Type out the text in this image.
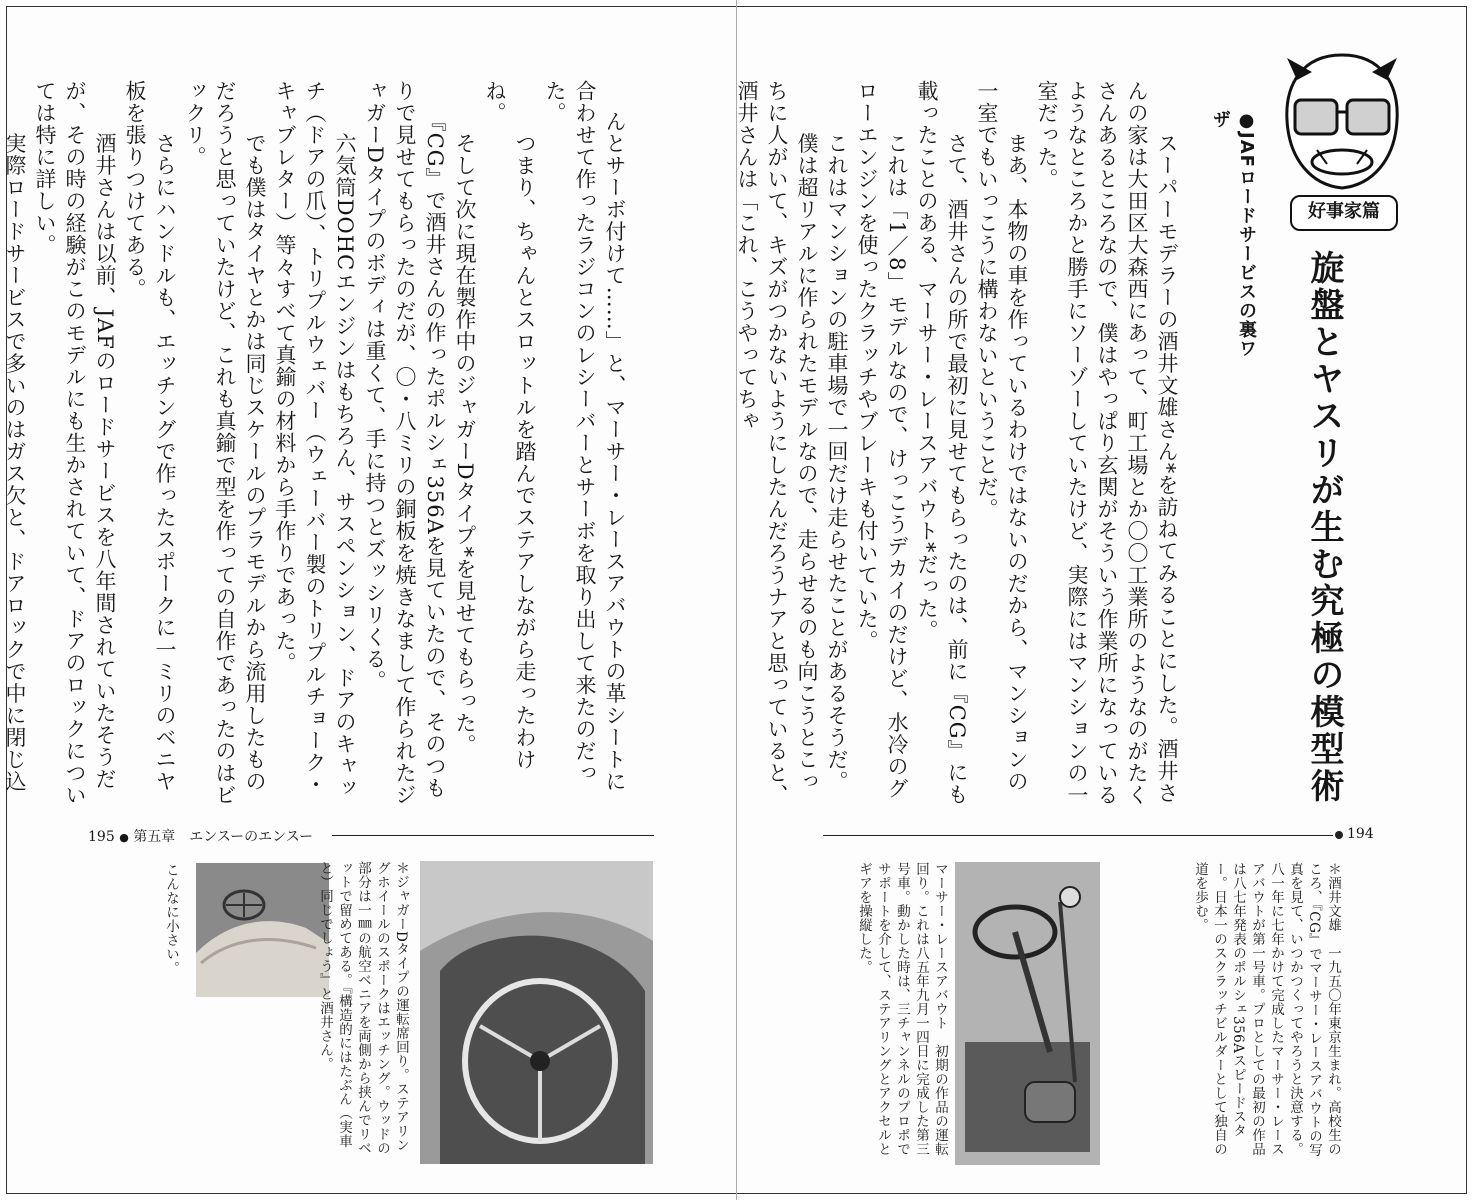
んとサーボ付けて……」と、マーサー・レースアバウトの革シートに合わせて作ったラジコンのレシーバーとサーボを取り出して来たのだった。
　つまり、ちゃんとスロットルを踏んでステアしながら走ったわけね。
　そして次に現在製作中のジャガーDタイプ*を見せてもらった。
『CG』で酒井さんの作ったポルシェ356Aを見ていたので、そのつもりで見せてもらったのだが、〇・八ミリの銅板を焼きなまして作られたジャガーDタイプのボディは重くて、手に持つとズッシリくる。
　六気筒DOHCエンジンはもちろん、サスペンション、ドアのキャッチ（ドアの爪）、トリプルウェバー（ウェーバー製のトリプルチョーク・キャブレター）等々すべて真鍮の材料から手作りであった。
　でも僕はタイヤとかは同じスケールのプラモデルから流用したものだろうと思っていたけど、これも真鍮で型を作っての自作であったのはビックリ。
　さらにハンドルも、エッチングで作ったスポークに一ミリのベニヤ板を張りつけてある。
　酒井さんは以前、JAFのロードサービスを八年間されていたそうだが、その時の経験がこのモデルにも生かされていて、ドアのロックについては特に詳しい。
　実際ロードサービスで多いのはガス欠と、ドアロックで中に閉じ込

195 ● 第五章　エンスーのエンスー
こんなに小さい。	＊ジャガーDタイプの運転席回り。ステアリングホイールのスポークはエッチング。ウッドの部分は一㎜の航空ベニアを両側から挟んでリベットで留めてある。『構造的にはたぶん（実車と）同じでしょう』と酒井さん。
好事家篇
旋盤とヤスリが生む究極の模型術
●JAFロードサービスの裏ワザ

　スーパーモデラーの酒井文雄さん*を訪ねてみることにした。酒井さんの家は大田区大森西にあって、町工場とか〇〇工業所のようなのがたくさんあるところなので、僕はやっぱり玄関がそういう作業所になっているようなところかと勝手にソーゾーしていたけど、実際にはマンションの一室だった。
　まあ、本物の車を作っているわけではないのだから、マンションの一室でもいっこうに構わないということだ。
　さて、酒井さんの所で最初に見せてもらったのは、前に『CG』にも載ったことのある、マーサー・レースアバウト*だった。
　これは「1／8」モデルなので、けっこうデカイのだけど、水冷のグローエンジンを使ったクラッチやブレーキも付いていた。
　これはマンションの駐車場で一回だけ走らせたことがあるそうだ。
　僕は超リアルに作られたモデルなので、走らせるのも向こうとこっちに人がいて、キズがつかないようにしたんだろうナアと思っていると、酒井さんは「これ、こうやってちゃ

194
＊酒井文雄　一九五〇年東京生まれ。高校生のころ、『CG』でマーサー・レースアバウトの写真を見て、いつかつくってやろうと決意する。八一年に七年かけて完成したマーサー・レースアバウトが第一号車。プロとしての最初の作品は八七年発表のポルシェ356Aスピードスター。日本一のスクラッチビルダーとして独自の道を歩む。
マーサー・レースアバウト　初期の作品の運転回り。これは八五年九月一四日に完成した第三号車。動かした時は、三チャンネルのプロポでサポートを介して、ステアリングとアクセルとギアを操縦した。
